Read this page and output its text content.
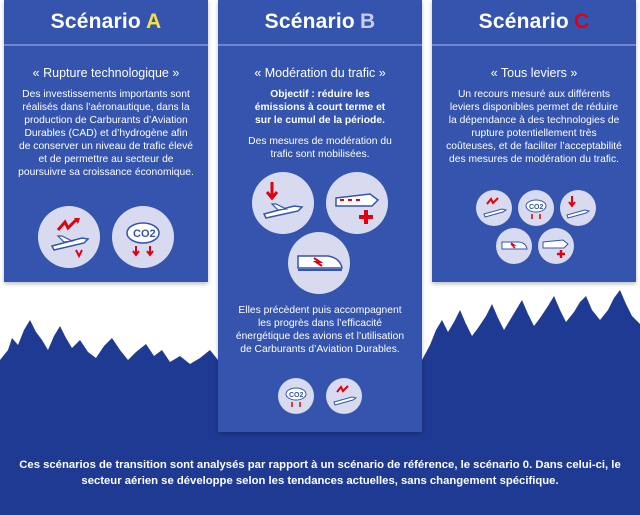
Scénario A
« Rupture technologique »
Des investissements importants sont réalisés dans l’aéronautique, dans la production de Carburants d’Aviation Durables (CAD) et d’hydrogène afin de conserver un niveau de trafic élevé et de permettre au secteur de poursuivre sa croissance économique.
CO2
Scénario B
« Modération du trafic »
Objectif : réduire les émissions à court terme et sur le cumul de la période.
Des mesures de modération du trafic sont mobilisées.
Elles précèdent puis accompagnent les progrès dans l’efficacité énergétique des avions et l’utilisation de Carburants d’Aviation Durables.
CO2
Scénario C
« Tous leviers »
Un recours mesuré aux différents leviers disponibles permet de réduire la dépendance à des technologies de rupture potentiellement très coûteuses, et de faciliter l’acceptabilité des mesures de modération du trafic.
CO2
Ces scénarios de transition sont analysés par rapport à un scénario de référence, le scénario 0. Dans celui-ci, le secteur aérien se développe selon les tendances actuelles, sans changement spécifique.
